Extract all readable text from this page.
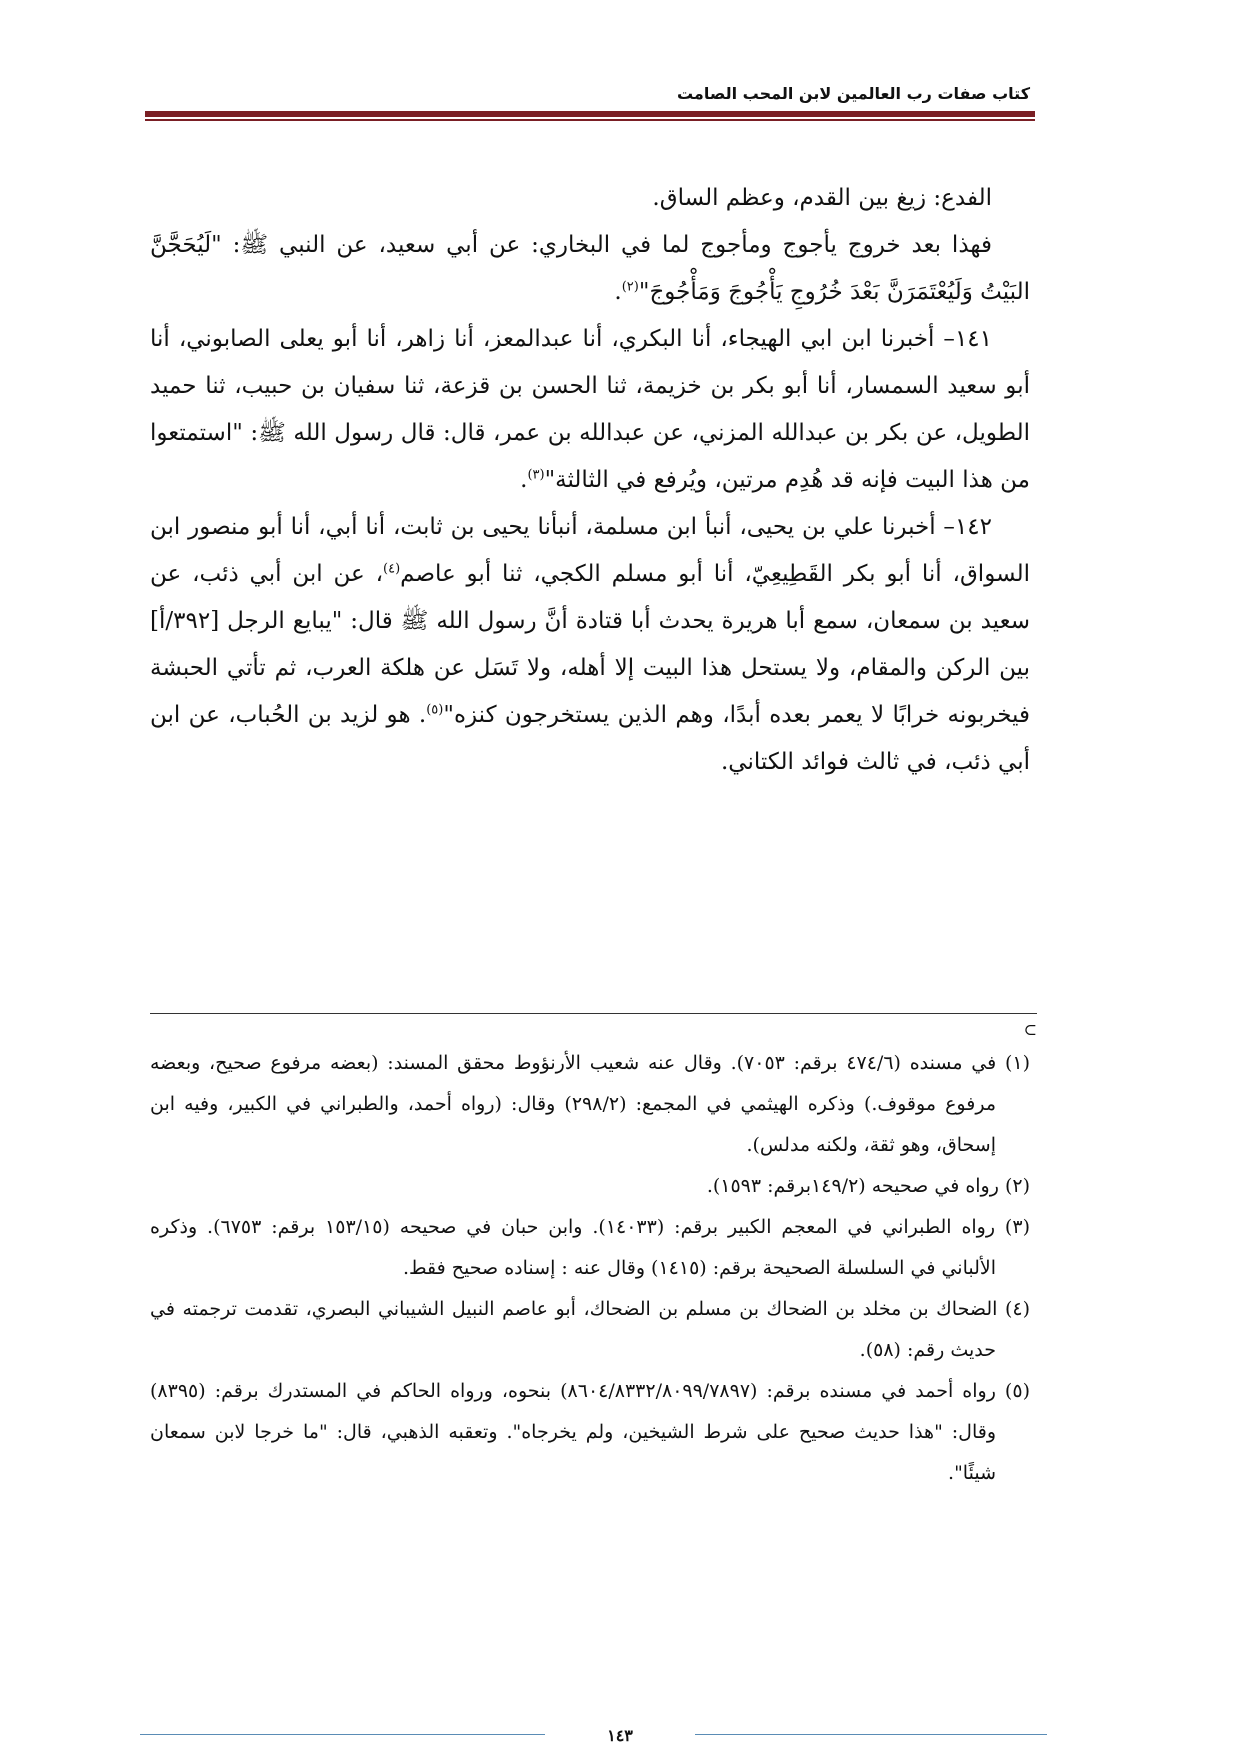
كتاب صفات رب العالمين لابن المحب الصامت

الفدع: زيغ بين القدم، وعظم الساق.

فهذا بعد خروج يأجوج ومأجوج لما في البخاري: عن أبي سعيد، عن النبي ﷺ: "لَيُحَجَّنَّ البَيْتُ وَلَيُعْتَمَرَنَّ بَعْدَ خُرُوجِ يَأْجُوجَ وَمَأْجُوجَ"$^{(٢)}$.

١٤١– أخبرنا ابن ابي الهيجاء، أنا البكري، أنا عبدالمعز، أنا زاهر، أنا أبو يعلى الصابوني، أنا أبو سعيد السمسار، أنا أبو بكر بن خزيمة، ثنا الحسن بن قزعة، ثنا سفيان بن حبيب، ثنا حميد الطويل، عن بكر بن عبدالله المزني، عن عبدالله بن عمر، قال: قال رسول الله ﷺ: "استمتعوا من هذا البيت فإنه قد هُدِم مرتين، ويُرفع في الثالثة"$^{(٣)}$.

١٤٢– أخبرنا علي بن يحيى، أنبأ ابن مسلمة، أنبأنا يحيى بن ثابت، أنا أبي، أنا أبو منصور ابن السواق، أنا أبو بكر القَطِيعِيّ، أنا أبو مسلم الكجي، ثنا أبو عاصم$^{(٤)}$، عن ابن أبي ذئب، عن سعيد بن سمعان، سمع أبا هريرة يحدث أبا قتادة أنَّ رسول الله ﷺ قال: "يبايع الرجل [٣٩٢/أ] بين الركن والمقام، ولا يستحل هذا البيت إلا أهله، ولا تَسَل عن هلكة العرب، ثم تأتي الحبشة فيخربونه خرابًا لا يعمر بعده أبدًا، وهم الذين يستخرجون كنزه"$^{(٥)}$. هو لزيد بن الحُباب، عن ابن أبي ذئب، في ثالث فوائد الكتاني.

⊃

(١) في مسنده (٤٧٤/٦ برقم: ٧٠٥٣). وقال عنه شعيب الأرنؤوط محقق المسند: (بعضه مرفوع صحيح، وبعضه مرفوع موقوف.) وذكره الهيثمي في المجمع: (٢٩٨/٢) وقال: (رواه أحمد، والطبراني في الكبير، وفيه ابن إسحاق، وهو ثقة، ولكنه مدلس).

(٢) رواه في صحيحه (١٤٩/٢برقم: ١٥٩٣).

(٣) رواه الطبراني في المعجم الكبير برقم: (١٤٠٣٣). وابن حبان في صحيحه (١٥٣/١٥ برقم: ٦٧٥٣). وذكره الألباني في السلسلة الصحيحة برقم: (١٤١٥) وقال عنه : إسناده صحيح فقط.

(٤) الضحاك بن مخلد بن الضحاك بن مسلم بن الضحاك، أبو عاصم النبيل الشيباني البصري، تقدمت ترجمته في حديث رقم: (٥٨).

(٥) رواه أحمد في مسنده برقم: (٨٦٠٤/٨٣٣٢/٨٠٩٩/٧٨٩٧) بنحوه، ورواه الحاكم في المستدرك برقم: (٨٣٩٥) وقال: "هذا حديث صحيح على شرط الشيخين، ولم يخرجاه". وتعقبه الذهبي، قال: "ما خرجا لابن سمعان شيئًا".

١٤٣
